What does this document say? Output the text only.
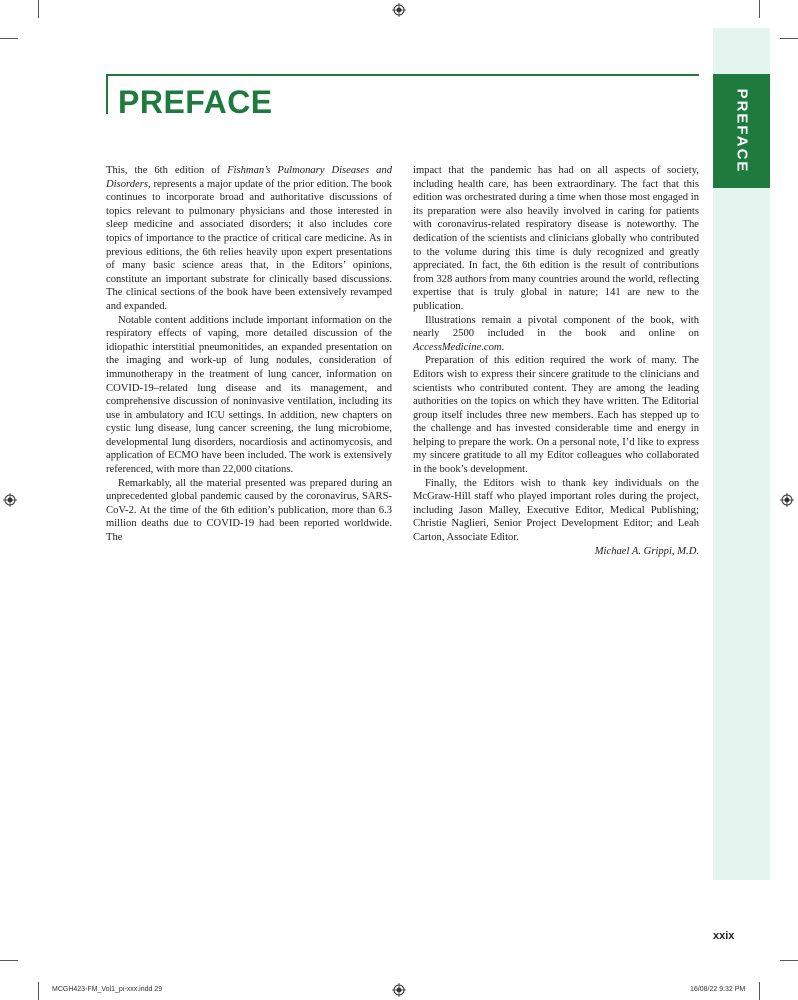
PREFACE
PREFACE

This, the 6th edition of Fishman’s Pulmonary Diseases and Disorders, represents a major update of the prior edition. The book continues to incorporate broad and authoritative discussions of topics relevant to pulmonary physicians and those interested in sleep medicine and associated disorders; it also includes core topics of importance to the practice of critical care medicine. As in previous editions, the 6th relies heavily upon expert presentations of many basic science areas that, in the Editors’ opinions, constitute an important substrate for clinically based discussions. The clinical sections of the book have been extensively revamped and expanded.

Notable content additions include important information on the respiratory effects of vaping, more detailed discussion of the idiopathic interstitial pneumonitides, an expanded presentation on the imaging and work-up of lung nodules, consideration of immunotherapy in the treatment of lung cancer, information on COVID-19–related lung disease and its management, and comprehensive discussion of noninvasive ventilation, including its use in ambulatory and ICU settings. In addition, new chapters on cystic lung disease, lung cancer screening, the lung microbiome, developmental lung disorders, nocardiosis and actinomycosis, and application of ECMO have been included. The work is extensively referenced, with more than 22,000 citations.

Remarkably, all the material presented was prepared during an unprecedented global pandemic caused by the coronavirus, SARS-CoV-2. At the time of the 6th edition’s publication, more than 6.3 million deaths due to COVID-19 had been reported worldwide. The

impact that the pandemic has had on all aspects of society, including health care, has been extraordinary. The fact that this edition was orchestrated during a time when those most engaged in its preparation were also heavily involved in caring for patients with coronavirus-related respiratory disease is noteworthy. The dedication of the scientists and clinicians globally who contributed to the volume during this time is duly recognized and greatly appreciated. In fact, the 6th edition is the result of contributions from 328 authors from many countries around the world, reflecting expertise that is truly global in nature; 141 are new to the publication.

Illustrations remain a pivotal component of the book, with nearly 2500 included in the book and online on AccessMedicine.com.

Preparation of this edition required the work of many. The Editors wish to express their sincere gratitude to the clinicians and scientists who contributed content. They are among the leading authorities on the topics on which they have written. The Editorial group itself includes three new members. Each has stepped up to the challenge and has invested considerable time and energy in helping to prepare the work. On a personal note, I’d like to express my sincere gratitude to all my Editor colleagues who collaborated in the book’s development.

Finally, the Editors wish to thank key individuals on the McGraw-Hill staff who played important roles during the project, including Jason Malley, Executive Editor, Medical Publishing; Christie Naglieri, Senior Project Development Editor; and Leah Carton, Associate Editor.

Michael A. Grippi, M.D.

xxix
MCGH423-FM_Vol1_pi-xxx.indd 29	16/08/22 9:32 PM
